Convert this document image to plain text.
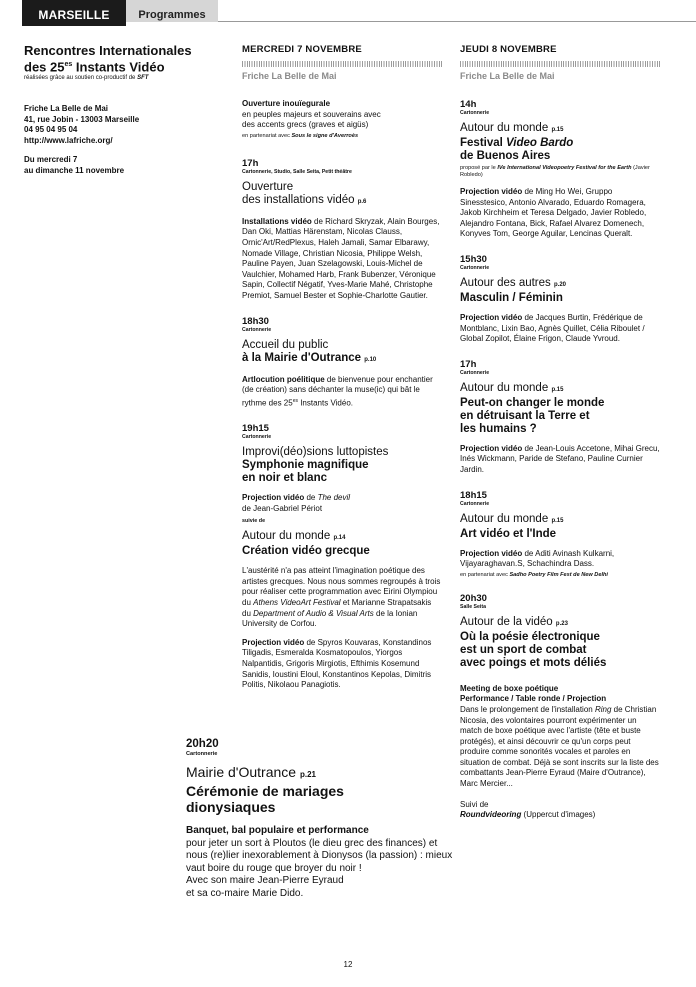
MARSEILLE	Programmes
Rencontres Internationales
des $25^{es}$ Instants Vidéo
réalisées grâce au soutien co-productif de SFT
Friche La Belle de Mai
41, rue Jobin - 13003 Marseille
04 95 04 95 04
http://www.lafriche.org/
Du mercredi 7
au dimanche 11 novembre
MERCREDI 7 NOVEMBRE
Friche La Belle de Mai
Ouverture inouïegurale
en peuples majeurs et souverains avec
des accents grecs (graves et aigüs)
en partenariat avec Sous le signe d'Averroès
17h
Cartonnerie, Studio, Salle Seita, Petit théâtre
Ouverture
des installations vidéo p.6
Installations vidéo de Richard Skryzak, Alain Bourges, Dan Oki, Mattias Härenstam, Nicolas Clauss, Ornic'Art/RedPlexus, Haleh Jamali, Samar Elbarawy, Nomade Village, Christian Nicosia, Philippe Welsh, Pauline Payen, Juan Szelagowski, Louis-Michel de Vaulchier, Mohamed Harb, Frank Bubenzer, Véronique Sapin, Collectif Négatif, Yves-Marie Mahé, Christophe Premiot, Samuel Bester et Sophie-Charlotte Gautier.
18h30
Cartonnerie
Accueil du public
à la Mairie d'Outrance p.10
Artlocution poélitique de bienvenue pour enchantier (de création) sans déchanter la muse(ic) qui bât le rythme des $25^{es}$ Instants Vidéo.
19h15
Cartonnerie
Improvi(déo)sions luttopistes
Symphonie magnifique
en noir et blanc
Projection vidéo de The devil
de Jean-Gabriel Périot
suivie de
Autour du monde p.14
Création vidéo grecque
L'austérité n'a pas atteint l'imagination poétique des artistes grecques. Nous nous sommes regroupés à trois pour réaliser cette programmation avec Eirini Olympiou du Athens VideoArt Festival et Marianne Strapatsakis du Department of Audio & Visual Arts de la Ionian University de Corfou.
Projection vidéo de Spyros Kouvaras, Konstandinos Tiligadis, Esmeralda Kosmatopoulos, Yiorgos Nalpantidis, Grigoris Mirgiotis, Efthimis Kosemund Sanidis, Ioustini Eloul, Konstantinos Kepolas, Dimitris Politis, Nikolaou Panagiotis.
JEUDI 8 NOVEMBRE
Friche La Belle de Mai
14h
Cartonnerie
Autour du monde p.15
Festival Video Bardo
de Buenos Aires
proposé par le IVe International Videopoetry Festival for the Earth (Javier Robledo)
Projection vidéo de Ming Ho Wei, Gruppo Sinesstesico, Antonio Alvarado, Eduardo Romagera, Jakob Kirchheim et Teresa Delgado, Javier Robledo, Alejandro Fontana, Bick, Rafael Alvarez Domenech, Konyves Tom, George Aguilar, Lencinas Queralt.
15h30
Cartonnerie
Autour des autres p.20
Masculin / Féminin
Projection vidéo de Jacques Burtin, Frédérique de Montblanc, Lixin Bao, Agnès Quillet, Célia Riboulet / Global Zopilot, Élaine Frigon, Claude Yvroud.
17h
Cartonnerie
Autour du monde p.15
Peut-on changer le monde
en détruisant la Terre et
les humains ?
Projection vidéo de Jean-Louis Accetone, Mihai Grecu, Inés Wickmann, Paride de Stefano, Pauline Curnier Jardin.
18h15
Cartonnerie
Autour du monde p.15
Art vidéo et l'Inde
Projection vidéo de Aditi Avinash Kulkarni, Vijayaraghavan.S, Schachindra Dass.
en partenariat avec Sadho Poetry Film Fest de New Delhi
20h30
Salle Seita
Autour de la vidéo p.23
Où la poésie électronique
est un sport de combat
avec poings et mots déliés
Meeting de boxe poétique
Performance / Table ronde / Projection
Dans le prolongement de l'installation Ring de Christian Nicosia, des volontaires pourront expérimenter un match de boxe poétique avec l'artiste (tête et buste protégés), et ainsi découvrir ce qu'un corps peut produire comme sonorités vocales et paroles en situation de combat. Déjà se sont inscrits sur la liste des combattants Jean-Pierre Eyraud (Maire d'Outrance), Marc Mercier...
Suivi de
Roundvideoring (Uppercut d'images)
20h20
Cartonnerie
Mairie d'Outrance p.21
Cérémonie de mariages
dionysiaques
Banquet, bal populaire et performance
pour jeter un sort à Ploutos (le dieu grec des finances) et nous (re)lier inexorablement à Dionysos (la passion) : mieux vaut boire du rouge que broyer du noir !
Avec son maire Jean-Pierre Eyraud
et sa co-maire Marie Dido.
12
